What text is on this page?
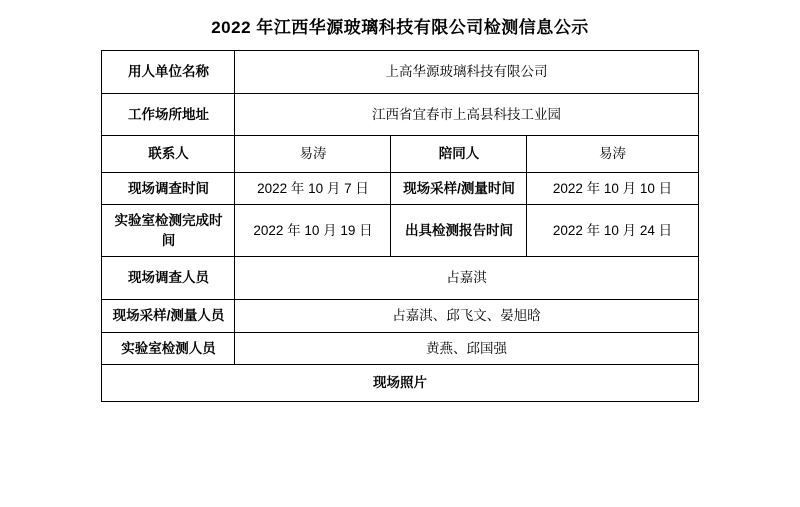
2022 年江西华源玻璃科技有限公司检测信息公示
用人单位名称	上高华源玻璃科技有限公司		

工作场所地址	江西省宜春市上高县科技工业园		

联系人	易涛	陪同人	易涛

现场调查时间	2022 年 10 月 7 日	现场采样/测量时间	2022 年 10 月 10 日

实验室检测完成时间	2022 年 10 月 19 日	出具检测报告时间	2022 年 10 月 24 日

现场调查人员	占嘉淇		

现场采样/测量人员	占嘉淇、邱飞文、晏旭晗		

实验室检测人员	黄燕、邱国强		

现场照片			
